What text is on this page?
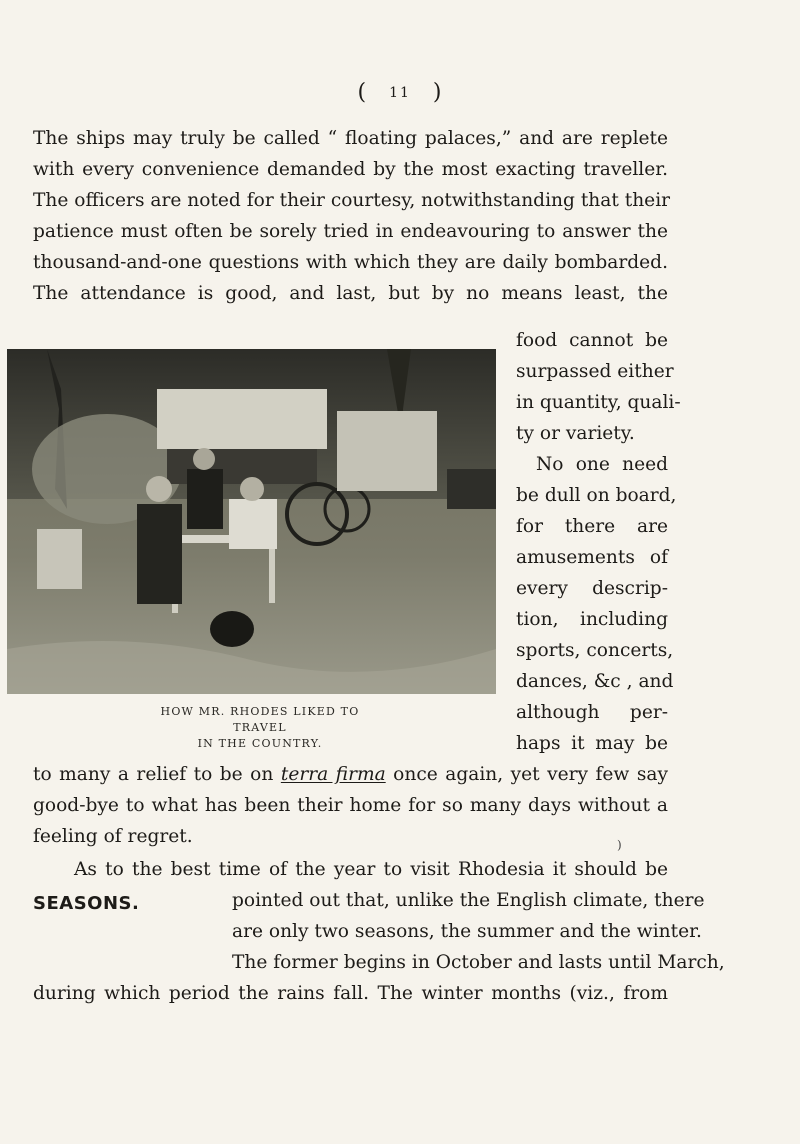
( 11 )

The ships may truly be called “ floating palaces,” and are replete

with every convenience demanded by the most exacting traveller.

The officers are noted for their courtesy, notwithstanding that their

patience must often be sorely tried in endeavouring to answer the

thousand-and-one questions with which they are daily bombarded.

The attendance is good, and last, but by no means least, the

food cannot be

surpassed either

in quantity, quali-

ty or variety.

No one need

be dull on board,

for there are

amusements of

every descrip-

tion, including

sports, concerts,

dances, &c , and

although per-

haps it may be

HOW MR. RHODES LIKED TO TRAVEL
IN THE COUNTRY.

to many a relief to be on terra firma once again, yet very few say

good-bye to what has been their home for so many days without a

feeling of regret.	)

As to the best time of the year to visit Rhodesia it should be

SEASONS.	pointed out that, unlike the English climate, there

are only two seasons, the summer and the winter.

The former begins in October and lasts until March,

during which period the rains fall. The winter months (viz., from
